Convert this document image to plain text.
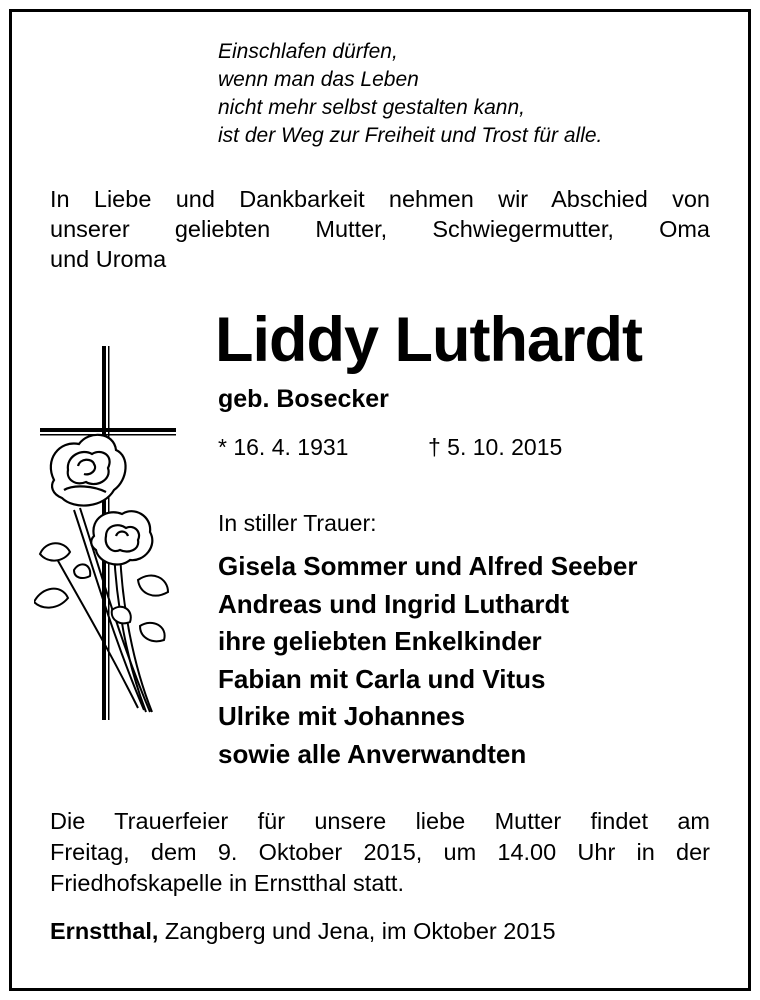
Einschlafen dürfen,
wenn man das Leben
nicht mehr selbst gestalten kann,
ist der Weg zur Freiheit und Trost für alle.
In Liebe und Dankbarkeit nehmen wir Abschied von
unserer geliebten Mutter, Schwiegermutter, Oma
und Uroma
Liddy Luthardt
geb. Bosecker
* 16. 4. 1931	† 5. 10. 2015
In stiller Trauer:
Gisela Sommer und Alfred Seeber
Andreas und Ingrid Luthardt
ihre geliebten Enkelkinder
Fabian mit Carla und Vitus
Ulrike mit Johannes
sowie alle Anverwandten
Die Trauerfeier für unsere liebe Mutter findet am
Freitag, dem 9. Oktober 2015, um 14.00 Uhr in der
Friedhofskapelle in Ernstthal statt.
Ernstthal, Zangberg und Jena, im Oktober 2015
